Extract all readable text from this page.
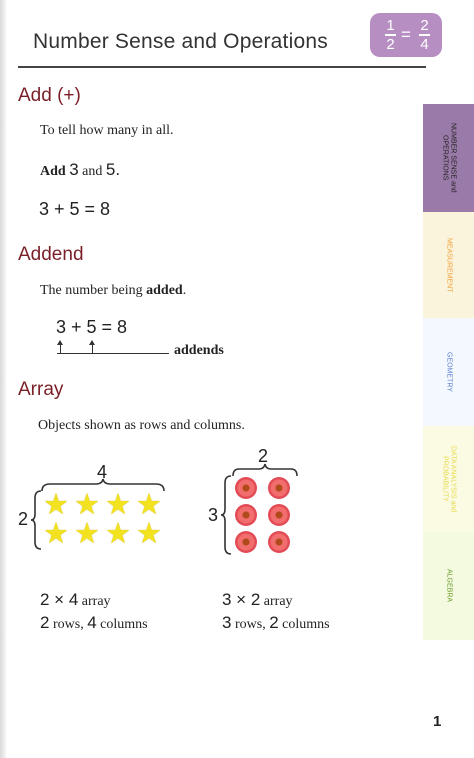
Number Sense and Operations
1
2 = 2
4
Add (+)
To tell how many in all.
Add 3 and 5.
3 + 5 = 8
Addend
The number being added.
3 + 5 = 8
addends
Array
Objects shown as rows and columns.
4
2 ★ ★ ★ ★
★ ★ ★ ★
2
3
2 × 4 array
2 rows, 4 columns
3 × 2 array
3 rows, 2 columns
NUMBER SENSE and OPERATIONS
MEASUREMENT
GEOMETRY
DATA ANALYSIS and PROBABILITY
ALGEBRA
1
